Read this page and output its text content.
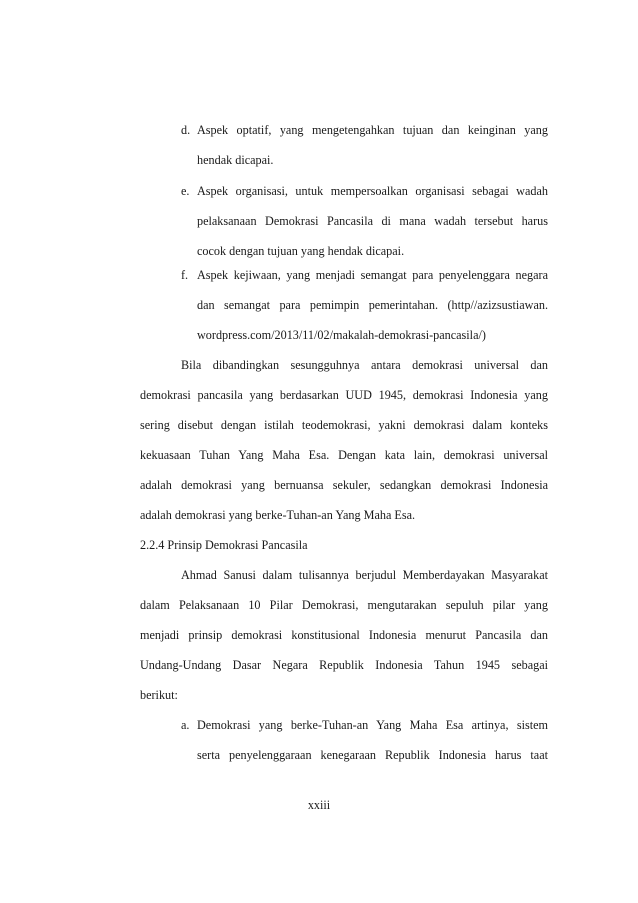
d. Aspek optatif, yang mengetengahkan tujuan dan keinginan yang
hendak dicapai.
e. Aspek organisasi, untuk mempersoalkan organisasi sebagai wadah
pelaksanaan Demokrasi Pancasila di mana wadah tersebut harus
cocok dengan tujuan yang hendak dicapai.
f. Aspek kejiwaan, yang menjadi semangat para penyelenggara negara
dan semangat para pemimpin pemerintahan. (http//azizsustiawan.
wordpress.com/2013/11/02/makalah-demokrasi-pancasila/)
Bila dibandingkan sesungguhnya antara demokrasi universal dan
demokrasi pancasila yang berdasarkan UUD 1945, demokrasi Indonesia yang
sering disebut dengan istilah teodemokrasi, yakni demokrasi dalam konteks
kekuasaan Tuhan Yang Maha Esa. Dengan kata lain, demokrasi universal
adalah demokrasi yang bernuansa sekuler, sedangkan demokrasi Indonesia
adalah demokrasi yang berke-Tuhan-an Yang Maha Esa.
2.2.4 Prinsip Demokrasi Pancasila
Ahmad Sanusi dalam tulisannya berjudul Memberdayakan Masyarakat
dalam Pelaksanaan 10 Pilar Demokrasi, mengutarakan sepuluh pilar yang
menjadi prinsip demokrasi konstitusional Indonesia menurut Pancasila dan
Undang-Undang Dasar Negara Republik Indonesia Tahun 1945 sebagai
berikut:
a. Demokrasi yang berke-Tuhan-an Yang Maha Esa artinya, sistem
serta penyelenggaraan kenegaraan Republik Indonesia harus taat
xxiii
